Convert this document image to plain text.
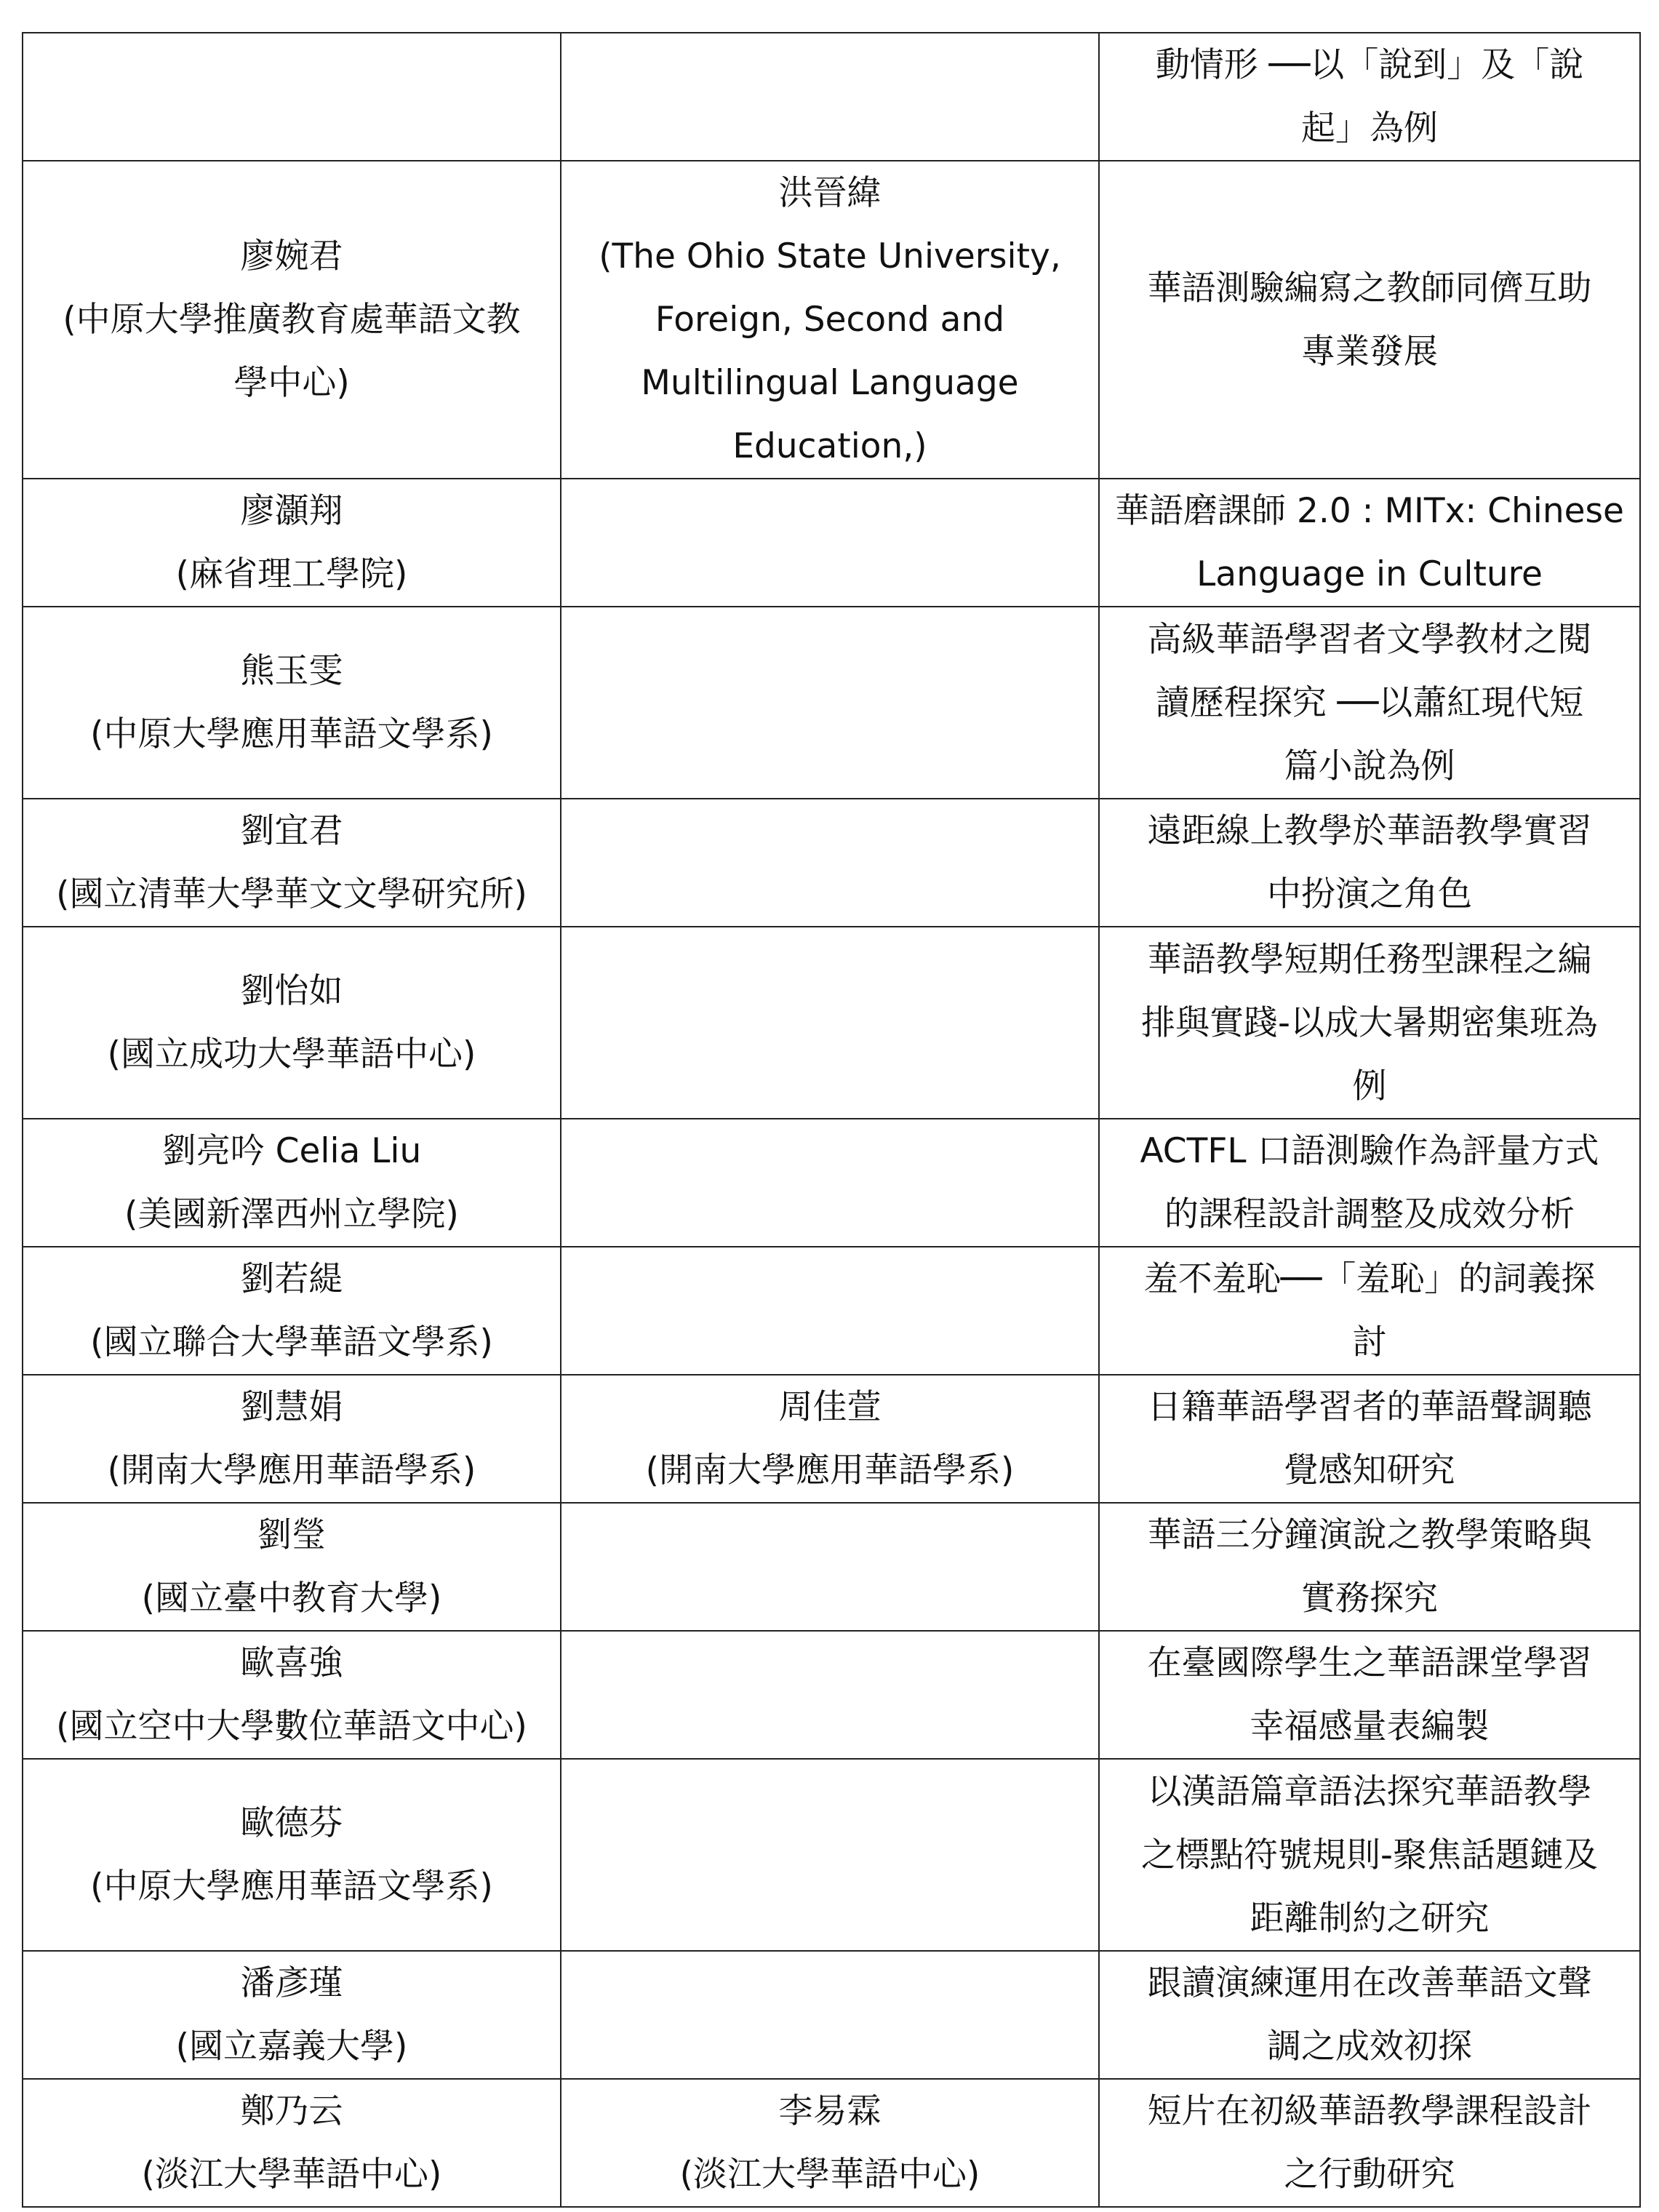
		動情形 ──以「說到」及「說
起」為例

廖婉君
(中原大學推廣教育處華語文教
學中心)	洪晉緯
(The Ohio State University,
Foreign, Second and
Multilingual Language
Education,)	華語測驗編寫之教師同儕互助
專業發展

廖灝翔
(麻省理工學院)		華語磨課師 2.0 : MITx: Chinese
Language in Culture

熊玉雯
(中原大學應用華語文學系)		高級華語學習者文學教材之閱
讀歷程探究 ──以蕭紅現代短
篇小說為例

劉宜君
(國立清華大學華文文學研究所)		遠距線上教學於華語教學實習
中扮演之角色

劉怡如
(國立成功大學華語中心)		華語教學短期任務型課程之編
排與實踐-以成大暑期密集班為
例

劉亮吟 Celia Liu
(美國新澤西州立學院)		ACTFL 口語測驗作為評量方式
的課程設計調整及成效分析

劉若緹
(國立聯合大學華語文學系)		羞不羞恥──「羞恥」的詞義探
討

劉慧娟
(開南大學應用華語學系)	周佳萱
(開南大學應用華語學系)	日籍華語學習者的華語聲調聽
覺感知研究

劉瑩
(國立臺中教育大學)		華語三分鐘演說之教學策略與
實務探究

歐喜強
(國立空中大學數位華語文中心)		在臺國際學生之華語課堂學習
幸福感量表編製

歐德芬
(中原大學應用華語文學系)		以漢語篇章語法探究華語教學
之標點符號規則-聚焦話題鏈及
距離制約之研究

潘彥瑾
(國立嘉義大學)		跟讀演練運用在改善華語文聲
調之成效初探

鄭乃云
(淡江大學華語中心)	李易霖
(淡江大學華語中心)	短片在初級華語教學課程設計
之行動研究
